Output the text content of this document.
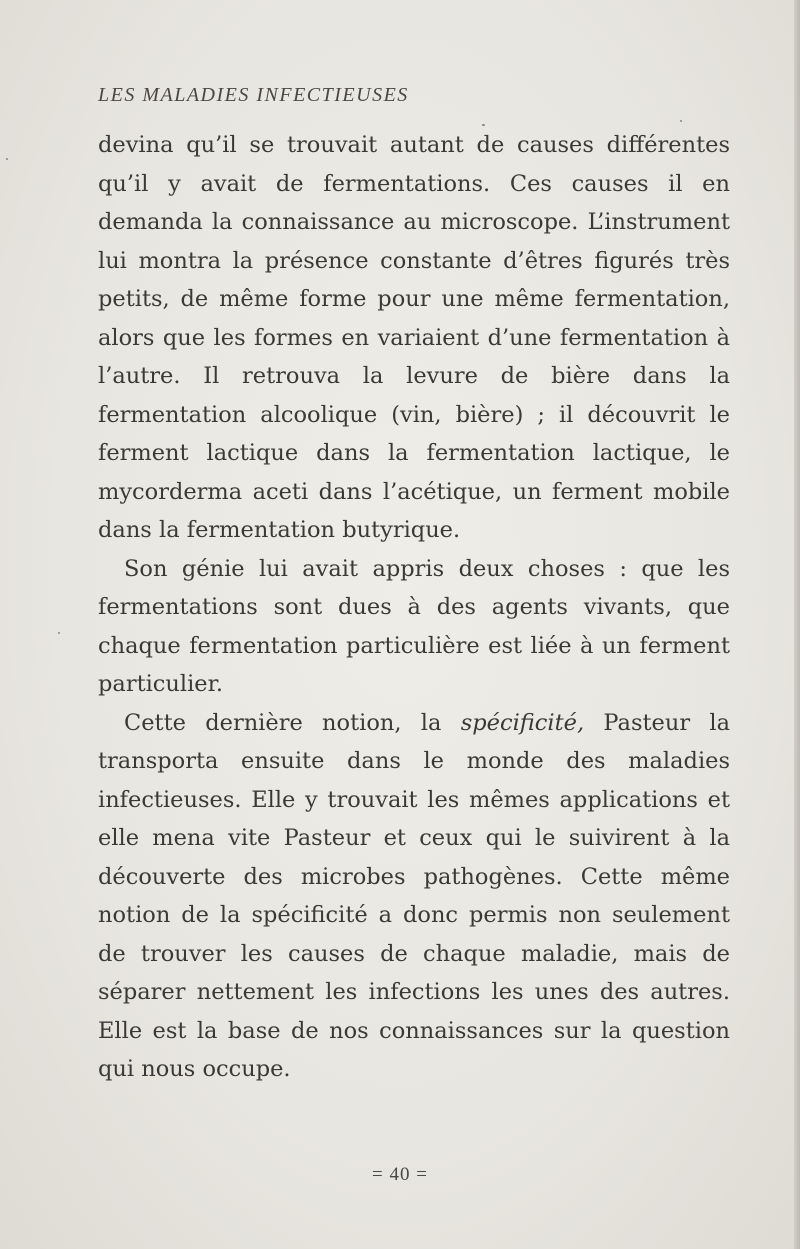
LES MALADIES INFECTIEUSES

devina qu’il se trouvait autant de causes différentes qu’il y avait de fermentations. Ces causes il en demanda la connaissance au microscope. L’instrument lui montra la présence constante d’êtres figurés très petits, de même forme pour une même fermentation, alors que les formes en variaient d’une fermentation à l’autre. Il retrouva la levure de bière dans la fermentation alcoolique (vin, bière) ; il découvrit le ferment lactique dans la fermentation lactique, le mycorderma aceti dans l’acétique, un ferment mobile dans la fermentation butyrique.

Son génie lui avait appris deux choses : que les fermentations sont dues à des agents vivants, que chaque fermentation particulière est liée à un ferment particulier.

Cette dernière notion, la spécificité, Pasteur la transporta ensuite dans le monde des maladies infectieuses. Elle y trouvait les mêmes applications et elle mena vite Pasteur et ceux qui le suivirent à la découverte des microbes pathogènes. Cette même notion de la spécificité a donc permis non seulement de trouver les causes de chaque maladie, mais de séparer nettement les infections les unes des autres. Elle est la base de nos connaissances sur la question qui nous occupe.

= 40 =
